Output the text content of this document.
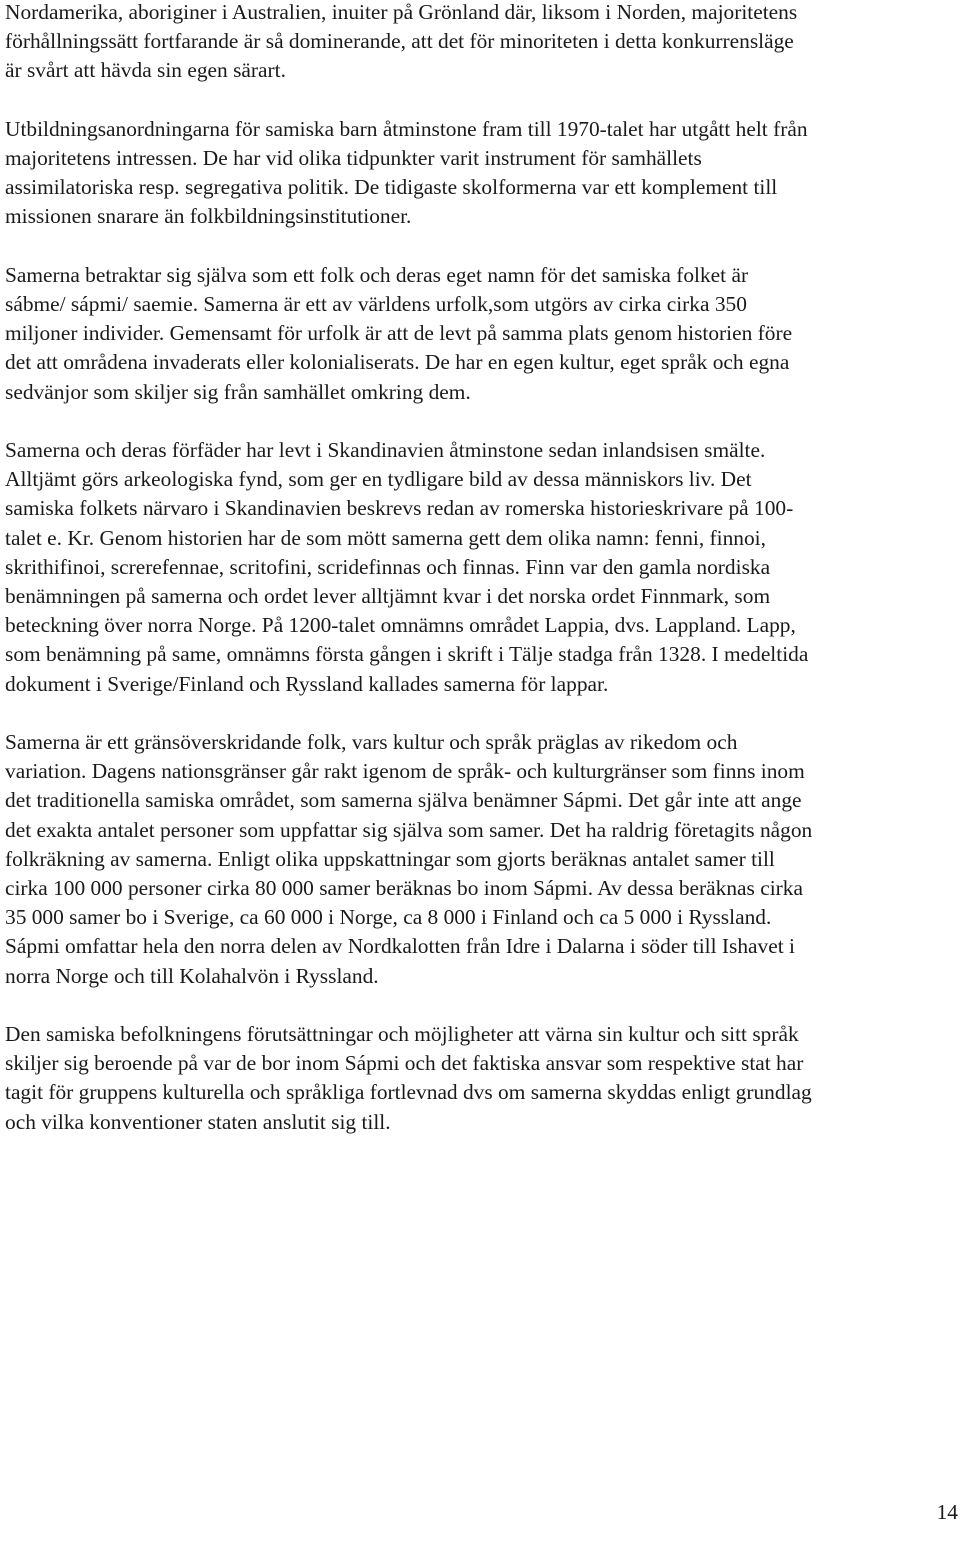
Nordamerika, aboriginer i Australien, inuiter på Grönland där, liksom i Norden, majoritetens
förhållningssätt fortfarande är så dominerande, att det för minoriteten i detta konkurrensläge
är svårt att hävda sin egen särart.

Utbildningsanordningarna för samiska barn åtminstone fram till 1970-talet har utgått helt från
majoritetens intressen. De har vid olika tidpunkter varit instrument för samhällets
assimilatoriska resp. segregativa politik. De tidigaste skolformerna var ett komplement till
missionen snarare än folkbildningsinstitutioner.

Samerna betraktar sig själva som ett folk och deras eget namn för det samiska folket är
sábme/ sápmi/ saemie. Samerna är ett av världens urfolk,som utgörs av cirka cirka 350
miljoner individer. Gemensamt för urfolk är att de levt på samma plats genom historien före
det att områdena invaderats eller kolonialiserats. De har en egen kultur, eget språk och egna
sedvänjor som skiljer sig från samhället omkring dem.

Samerna och deras förfäder har levt i Skandinavien åtminstone sedan inlandsisen smälte.
Alltjämt görs arkeologiska fynd, som ger en tydligare bild av dessa människors liv. Det
samiska folkets närvaro i Skandinavien beskrevs redan av romerska historieskrivare på 100-
talet e. Kr. Genom historien har de som mött samerna gett dem olika namn: fenni, finnoi,
skrithifinoi, screrefennae, scritofini, scridefinnas och finnas. Finn var den gamla nordiska
benämningen på samerna och ordet lever alltjämnt kvar i det norska ordet Finnmark, som
beteckning över norra Norge. På 1200-talet omnämns området Lappia, dvs. Lappland. Lapp,
som benämning på same, omnämns första gången i skrift i Tälje stadga från 1328. I medeltida
dokument i Sverige/Finland och Ryssland kallades samerna för lappar.

Samerna är ett gränsöverskridande folk, vars kultur och språk präglas av rikedom och
variation. Dagens nationsgränser går rakt igenom de språk- och kulturgränser som finns inom
det traditionella samiska området, som samerna själva benämner Sápmi. Det går inte att ange
det exakta antalet personer som uppfattar sig själva som samer. Det ha raldrig företagits någon
folkräkning av samerna. Enligt olika uppskattningar som gjorts beräknas antalet samer till
cirka 100 000 personer cirka 80 000 samer beräknas bo inom Sápmi. Av dessa beräknas cirka
35 000 samer bo i Sverige, ca 60 000 i Norge, ca 8 000 i Finland och ca 5 000 i Ryssland.
Sápmi omfattar hela den norra delen av Nordkalotten från Idre i Dalarna i söder till Ishavet i
norra Norge och till Kolahalvön i Ryssland.

Den samiska befolkningens förutsättningar och möjligheter att värna sin kultur och sitt språk
skiljer sig beroende på var de bor inom Sápmi och det faktiska ansvar som respektive stat har
tagit för gruppens kulturella och språkliga fortlevnad dvs om samerna skyddas enligt grundlag
och vilka konventioner staten anslutit sig till.

14
